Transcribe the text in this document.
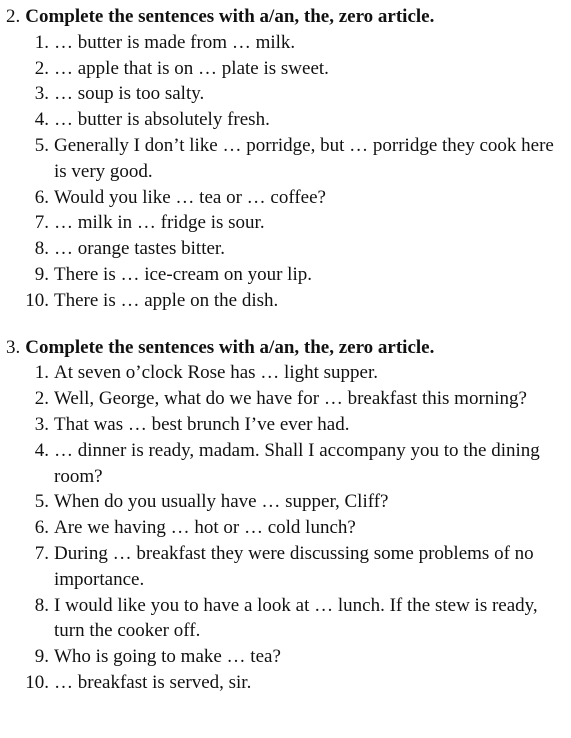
2. Complete the sentences with a/an, the, zero article.
1. … butter is made from … milk.
2. … apple that is on … plate is sweet.
3. … soup is too salty.
4. … butter is absolutely fresh.
5. Generally I don’t like … porridge, but … porridge they cook here is very good.
6. Would you like … tea or … coffee?
7. … milk in … fridge is sour.
8. … orange tastes bitter.
9. There is … ice-cream on your lip.
10. There is … apple on the dish.
3. Complete the sentences with a/an, the, zero article.
1. At seven o’clock Rose has … light supper.
2. Well, George, what do we have for … breakfast this morning?
3. That was … best brunch I’ve ever had.
4. … dinner is ready, madam. Shall I accompany you to the dining room?
5. When do you usually have … supper, Cliff?
6. Are we having … hot or … cold lunch?
7. During … breakfast they were discussing some problems of no importance.
8. I would like you to have a look at … lunch. If the stew is ready, turn the cooker off.
9. Who is going to make … tea?
10. … breakfast is served, sir.
